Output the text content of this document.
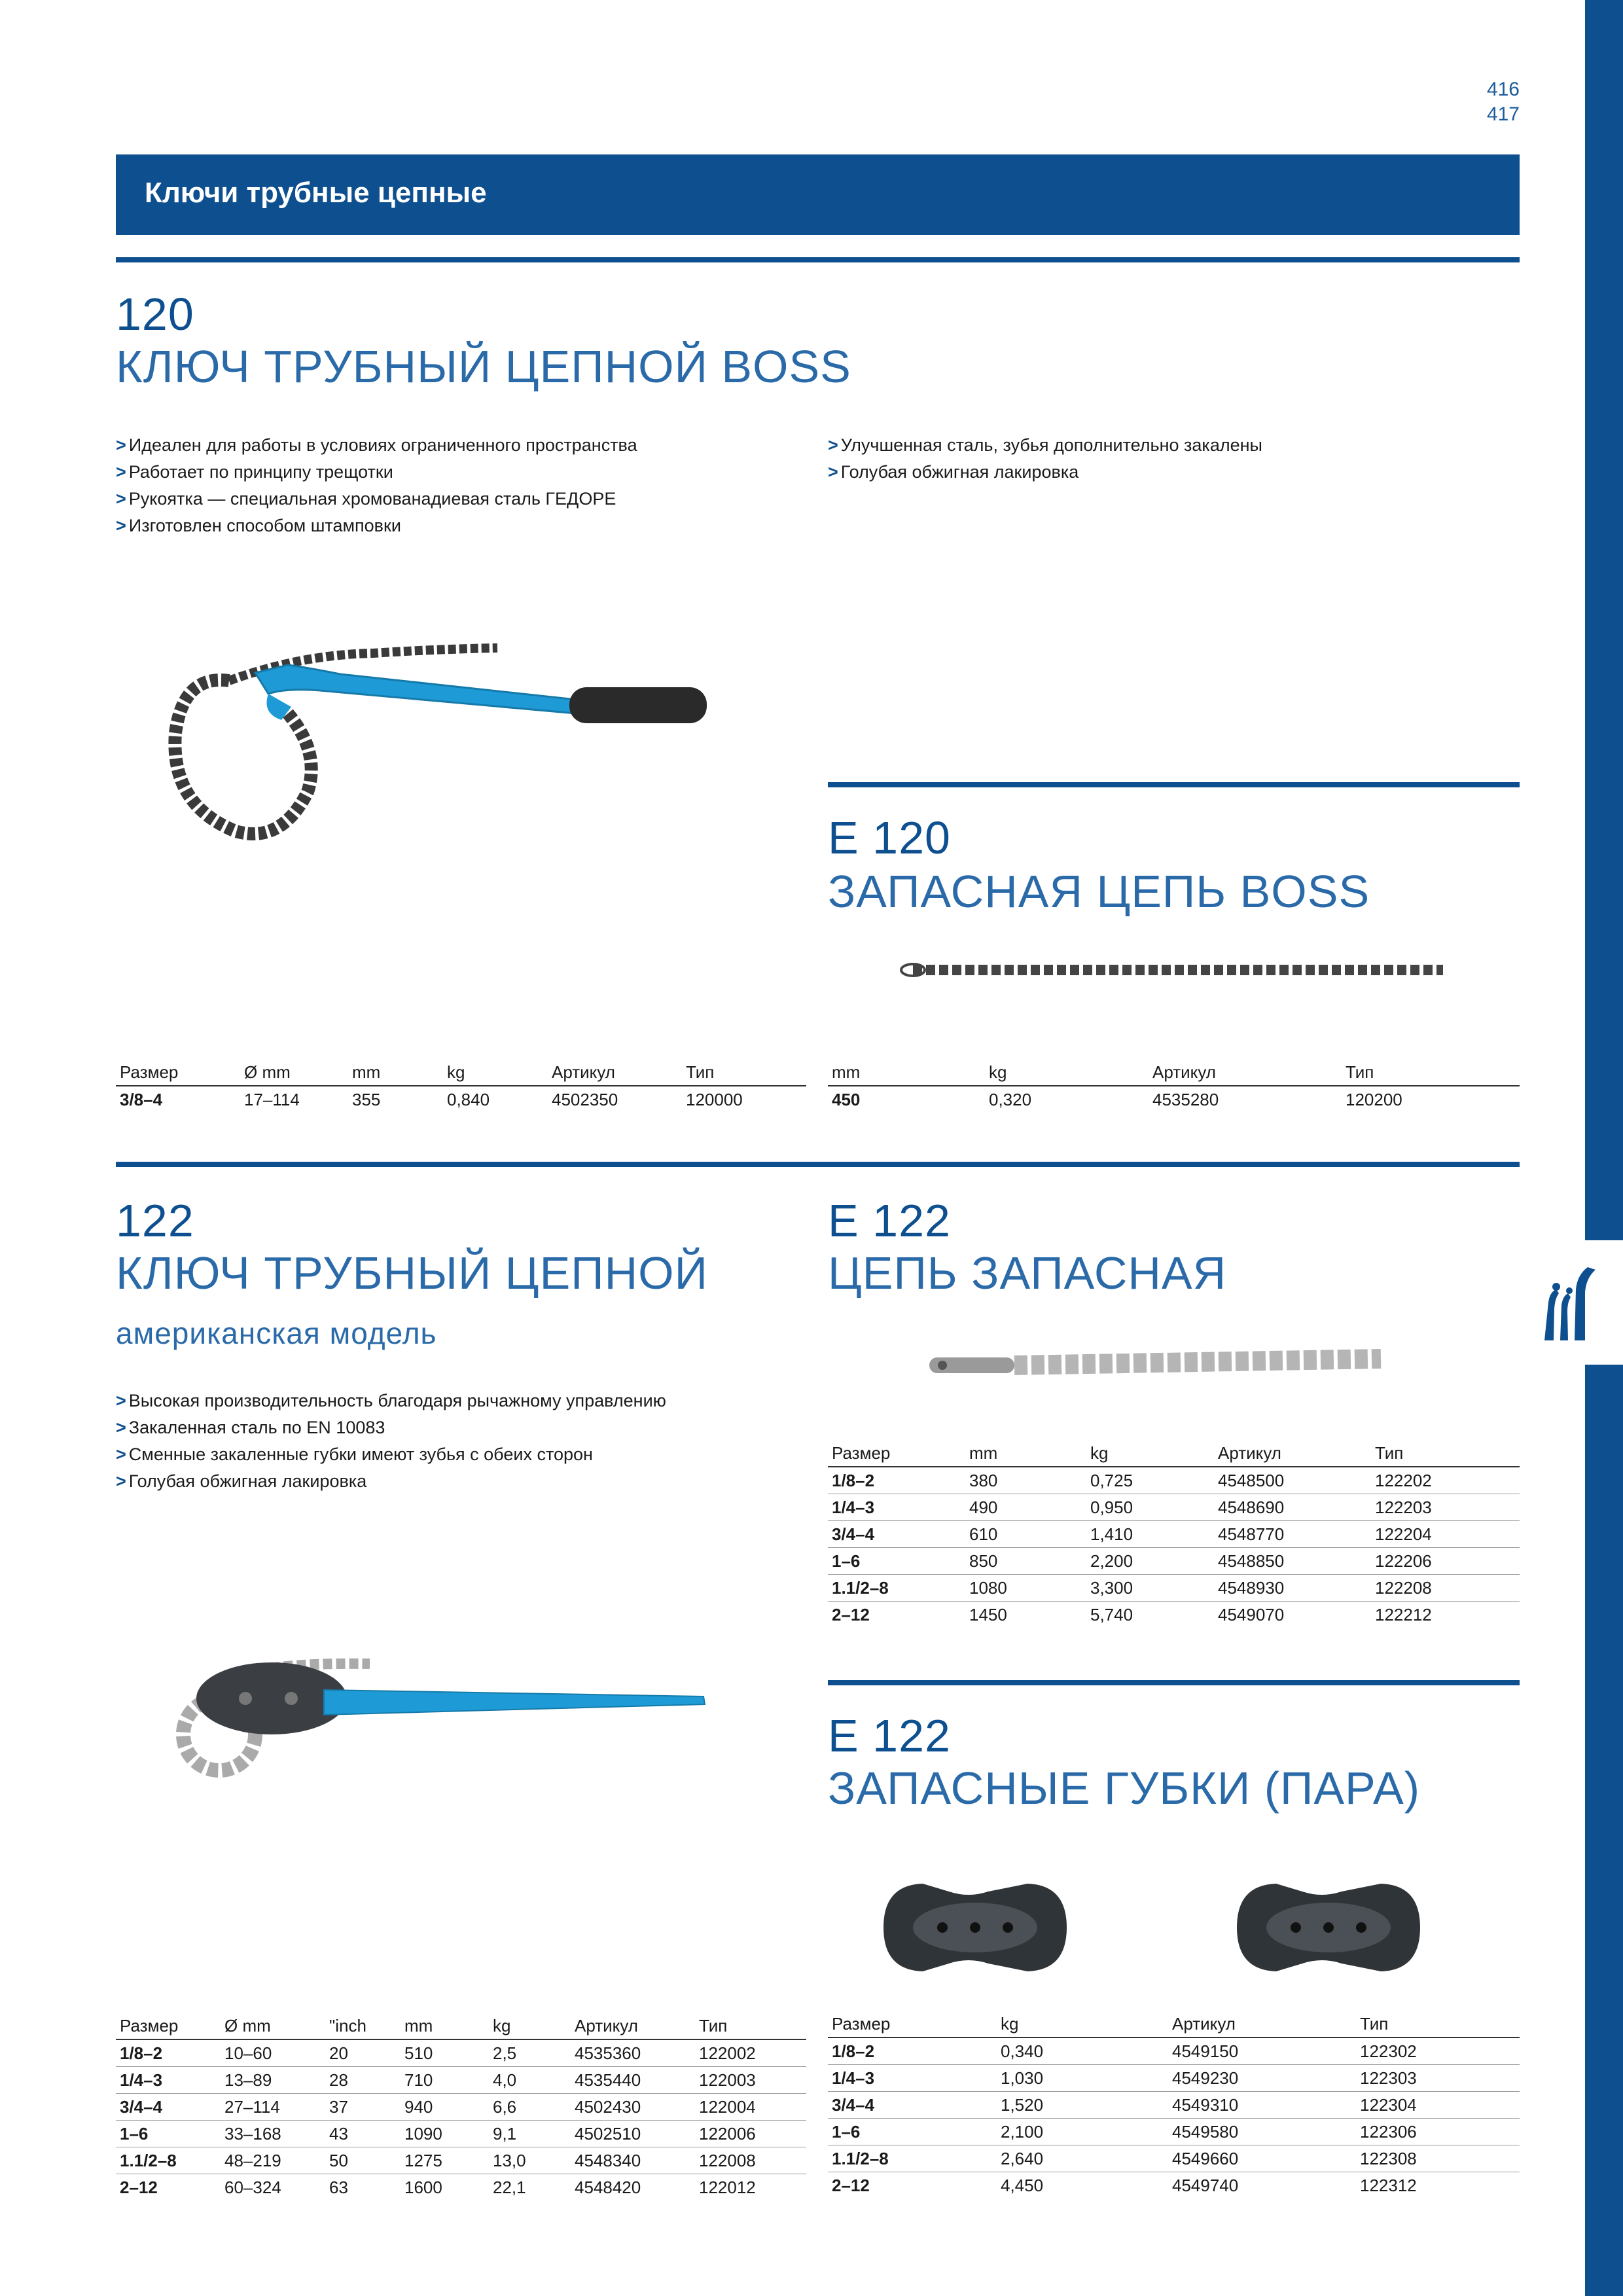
416
417
Ключи трубные цепные
120
КЛЮЧ ТРУБНЫЙ ЦЕПНОЙ BOSS
> Идеален для работы в условиях ограниченного пространства
> Работает по принципу трещотки
> Рукоятка — специальная хромованадиевая сталь ГЕДОРЕ
> Изготовлен способом штамповки
> Улучшенная сталь, зубья дополнительно закалены
> Голубая обжигная лакировка
E 120
ЗАПАСНАЯ ЦЕПЬ BOSS
Размер	Ø mm	mm	kg	Артикул	Тип
3/8–4	17–114	355	0,840	4502350	120000
mm	kg	Артикул	Тип
450	0,320	4535280	120200
122
КЛЮЧ ТРУБНЫЙ ЦЕПНОЙ
американская модель
> Высокая производительность благодаря рычажному управлению
> Закаленная сталь по EN 10083
> Сменные закаленные губки имеют зубья с обеих сторон
> Голубая обжигная лакировка
Размер	Ø mm	"inch	mm	kg	Артикул	Тип
1/8–2	10–60	20	510	2,5	4535360	122002
1/4–3	13–89	28	710	4,0	4535440	122003
3/4–4	27–114	37	940	6,6	4502430	122004
1–6	33–168	43	1090	9,1	4502510	122006
1.1/2–8	48–219	50	1275	13,0	4548340	122008
2–12	60–324	63	1600	22,1	4548420	122012
E 122
ЦЕПЬ ЗАПАСНАЯ
Размер	mm	kg	Артикул	Тип
1/8–2	380	0,725	4548500	122202
1/4–3	490	0,950	4548690	122203
3/4–4	610	1,410	4548770	122204
1–6	850	2,200	4548850	122206
1.1/2–8	1080	3,300	4548930	122208
2–12	1450	5,740	4549070	122212
E 122
ЗАПАСНЫЕ ГУБКИ (ПАРА)
Размер	kg	Артикул	Тип
1/8–2	0,340	4549150	122302
1/4–3	1,030	4549230	122303
3/4–4	1,520	4549310	122304
1–6	2,100	4549580	122306
1.1/2–8	2,640	4549660	122308
2–12	4,450	4549740	122312
